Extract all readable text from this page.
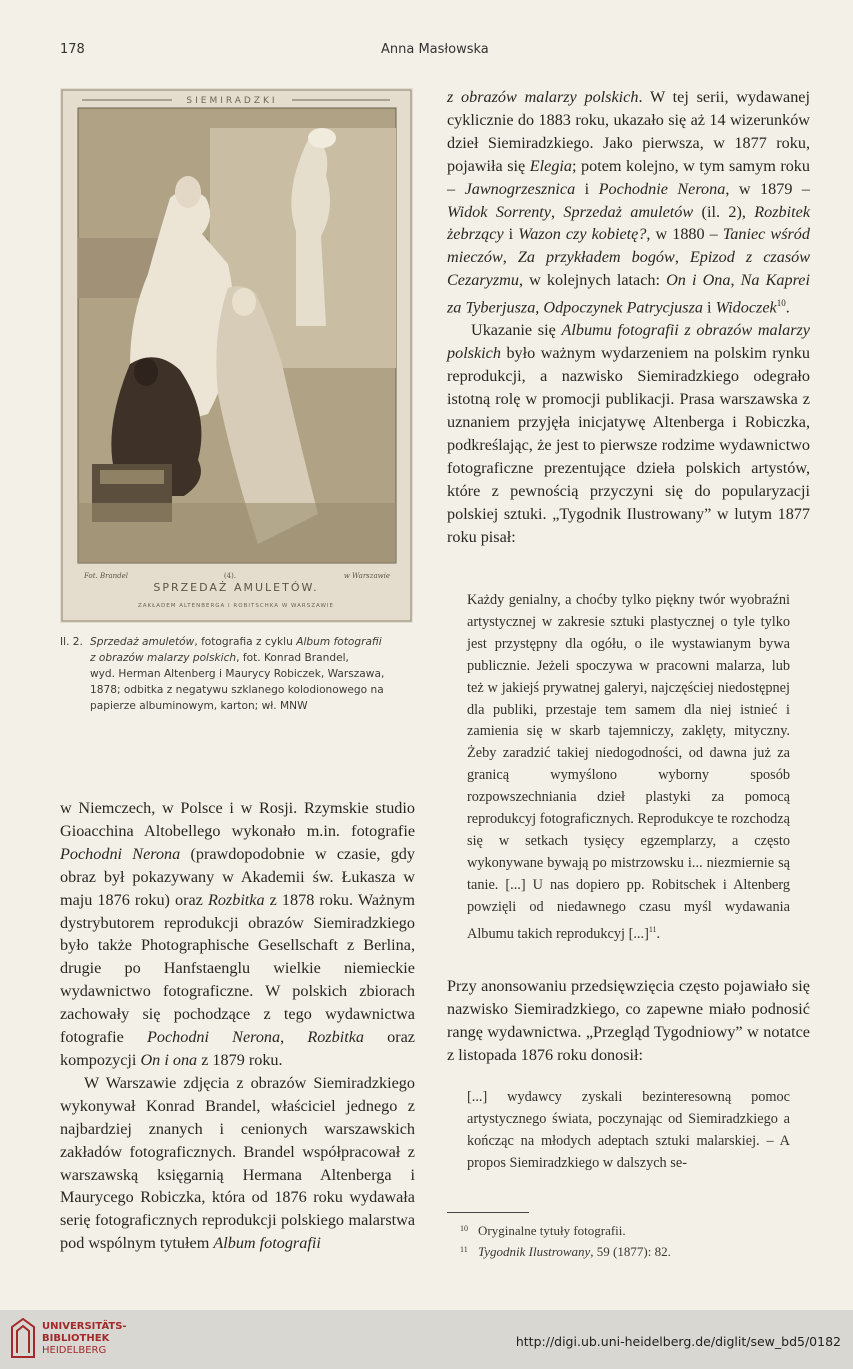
178	Anna Masłowska
SIEMIRADZKI
Fot. Brandel	(4).	w Warszawie
SPRZEDAŻ AMULETÓW.
ZAKŁADEM ALTENBERGA I ROBITSCHKA W WARSZAWIE

Il. 2. Sprzedaż amuletów, fotografia z cyklu Album fotografii

z obrazów malarzy polskich, fot. Konrad Brandel,

wyd. Herman Altenberg i Maurycy Robiczek, Warszawa,

1878; odbitka z negatywu szklanego kolodionowego na

papierze albuminowym, karton; wł. MNW

z obrazów malarzy polskich. W tej serii, wydawanej cyklicznie do 1883 roku, ukazało się aż 14 wizerunków dzieł Siemiradzkiego. Jako pierwsza, w 1877 roku, pojawiła się Elegia; potem kolejno, w tym samym roku – Jawnogrzesznica i Pochodnie Nerona, w 1879 – Widok Sorrenty, Sprzedaż amuletów (il. 2), Rozbitek żebrzący i Wazon czy kobietę?, w 1880 – Taniec wśród mieczów, Za przykładem bogów, Epizod z czasów Cezaryzmu, w kolejnych latach: On i Ona, Na Kaprei za Tyberjusza, Odpoczynek Patrycjusza i Widoczek$^{10}$.

Ukazanie się Albumu fotografii z obrazów malarzy polskich było ważnym wydarzeniem na polskim rynku reprodukcji, a nazwisko Siemiradzkiego odegrało istotną rolę w promocji publikacji. Prasa warszawska z uznaniem przyjęła inicjatywę Altenberga i Robiczka, podkreślając, że jest to pierwsze rodzime wydawnictwo fotograficzne prezentujące dzieła polskich artystów, które z pewnością przyczyni się do popularyzacji polskiej sztuki. „Tygodnik Ilustrowany” w lutym 1877 roku pisał:

Każdy genialny, a choćby tylko piękny twór wyobraźni artystycznej w zakresie sztuki plastycznej o tyle tylko jest przystępny dla ogółu, o ile wystawianym bywa publicznie. Jeżeli spoczywa w pracowni malarza, lub też w jakiejś prywatnej galeryi, najczęściej niedostępnej dla publiki, przestaje tem samem dla niej istnieć i zamienia się w skarb tajemniczy, zaklęty, mityczny. Żeby zaradzić takiej niedogodności, od dawna już za granicą wymyślono wyborny sposób rozpowszechniania dzieł plastyki za pomocą reprodukcyj fotograficznych. Reprodukcye te rozchodzą się w setkach tysięcy egzemplarzy, a często wykonywane bywają po mistrzowsku i... niezmiernie są tanie. [...] U nas dopiero pp. Robitschek i Altenberg powzięli od niedawnego czasu myśl wydawania Albumu takich reprodukcyj [...]$^{11}$.
Przy anonsowaniu przedsięwzięcia często pojawiało się nazwisko Siemiradzkiego, co zapewne miało podnosić rangę wydawnictwa. „Przegląd Tygodniowy” w notatce z listopada 1876 roku donosił:
[...] wydawcy zyskali bezinteresowną pomoc artystycznego świata, poczynając od Siemiradzkiego a kończąc na młodych adeptach sztuki malarskiej. – A propos Siemiradzkiego w dalszych se-

w Niemczech, w Polsce i w Rosji. Rzymskie studio Gioacchina Altobellego wykonało m.in. fotografie Pochodni Nerona (prawdopodobnie w czasie, gdy obraz był pokazywany w Akademii św. Łukasza w maju 1876 roku) oraz Rozbitka z 1878 roku. Ważnym dystrybutorem reprodukcji obrazów Siemiradzkiego było także Photographische Gesellschaft z Berlina, drugie po Hanfstaenglu wielkie niemieckie wydawnictwo fotograficzne. W polskich zbiorach zachowały się pochodzące z tego wydawnictwa fotografie Pochodni Nerona, Rozbitka oraz kompozycji On i ona z 1879 roku.

W Warszawie zdjęcia z obrazów Siemiradzkiego wykonywał Konrad Brandel, właściciel jednego z najbardziej znanych i cenionych warszawskich zakładów fotograficznych. Brandel współpracował z warszawską księgarnią Hermana Altenberga i Maurycego Robiczka, która od 1876 roku wydawała serię fotograficznych reprodukcji polskiego malarstwa pod wspólnym tytułem Album fotografii

$^{10}$ Oryginalne tytuły fotografii.

$^{11}$ Tygodnik Ilustrowany, 59 (1877): 82.

UNIVERSITÄTS-
BIBLIOTHEK
HEIDELBERG
http://digi.ub.uni-heidelberg.de/diglit/sew_bd5/0182
